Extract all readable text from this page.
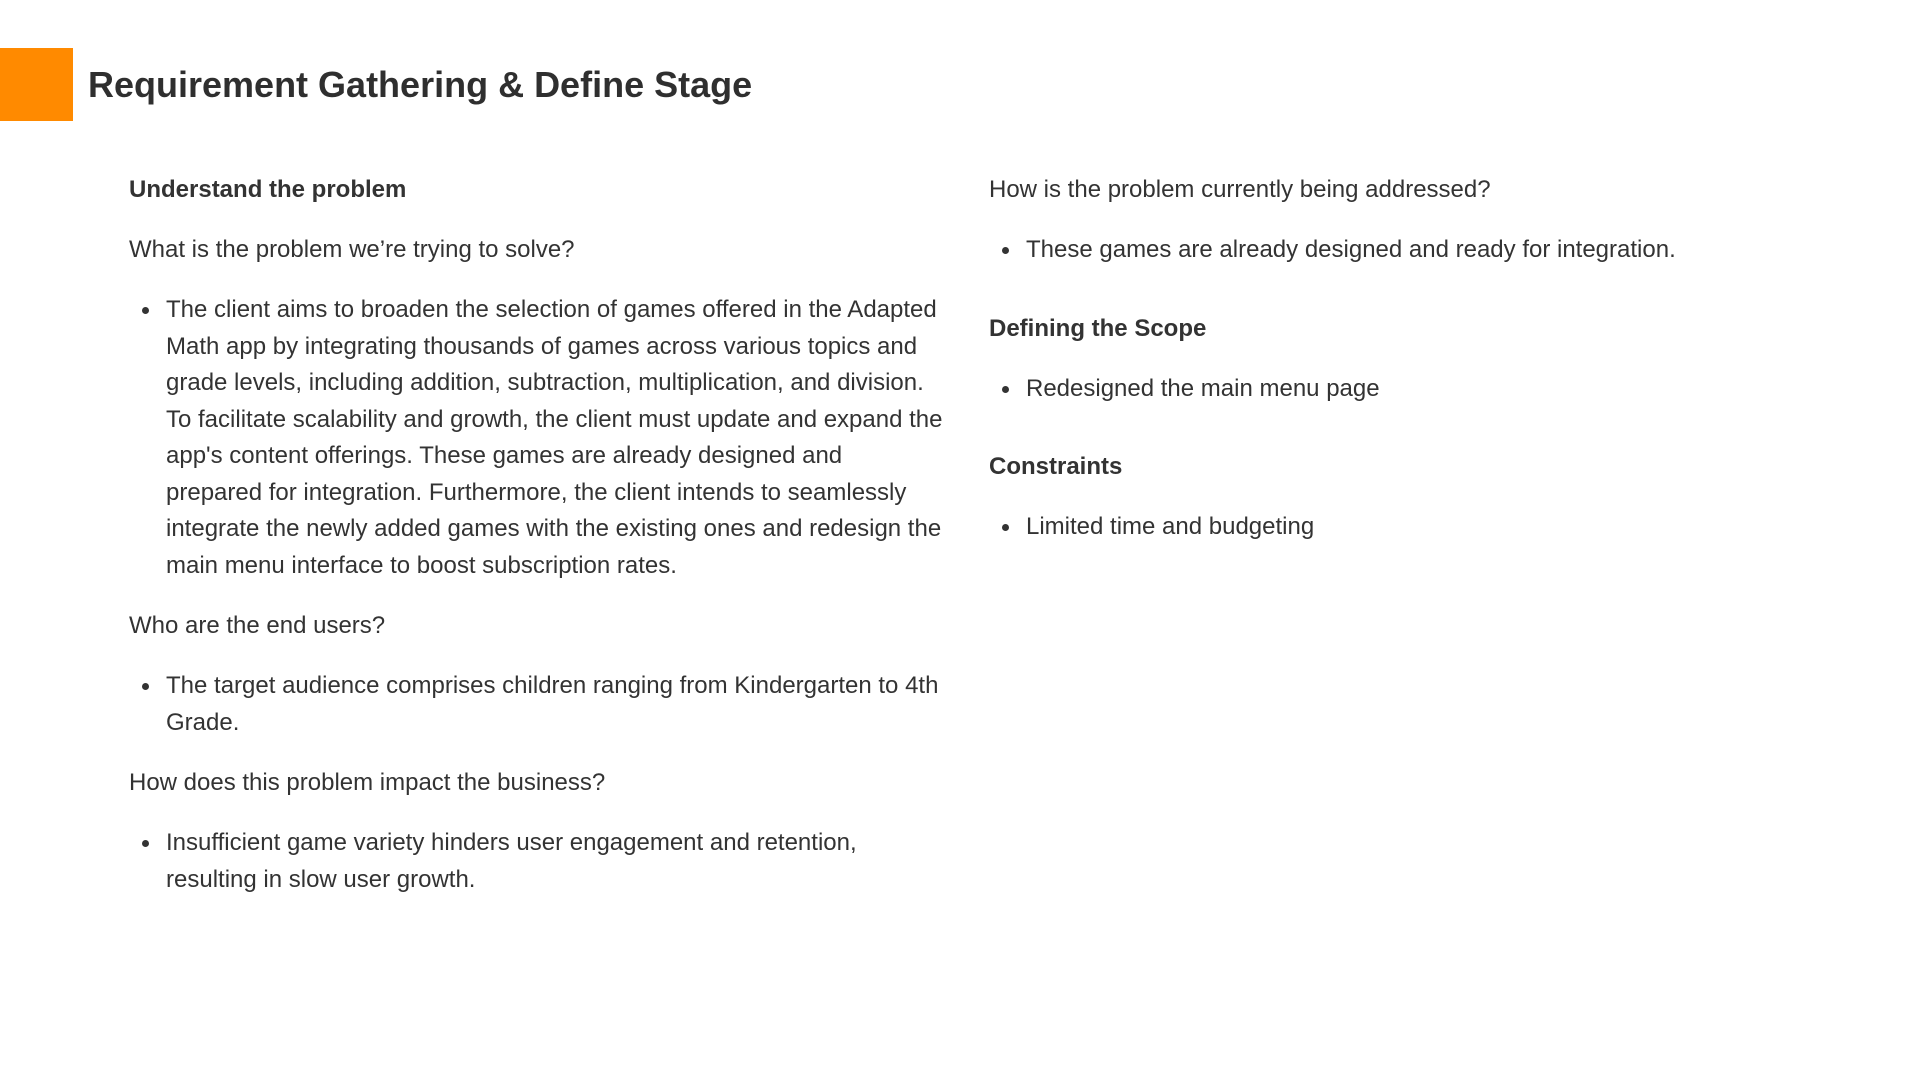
Requirement Gathering & Define Stage

Understand the problem

What is the problem we’re trying to solve?

The client aims to broaden the selection of games offered in the Adapted Math app by integrating thousands of games across various topics and grade levels, including addition, subtraction, multiplication, and division. To facilitate scalability and growth, the client must update and expand the app's content offerings. These games are already designed and prepared for integration. Furthermore, the client intends to seamlessly integrate the newly added games with the existing ones and redesign the main menu interface to boost subscription rates.

Who are the end users?

The target audience comprises children ranging from Kindergarten to 4th Grade.

How does this problem impact the business?

Insufficient game variety hinders user engagement and retention, resulting in slow user growth.

How is the problem currently being addressed?

These games are already designed and ready for integration.

Defining the Scope

Redesigned the main menu page

Constraints

Limited time and budgeting
